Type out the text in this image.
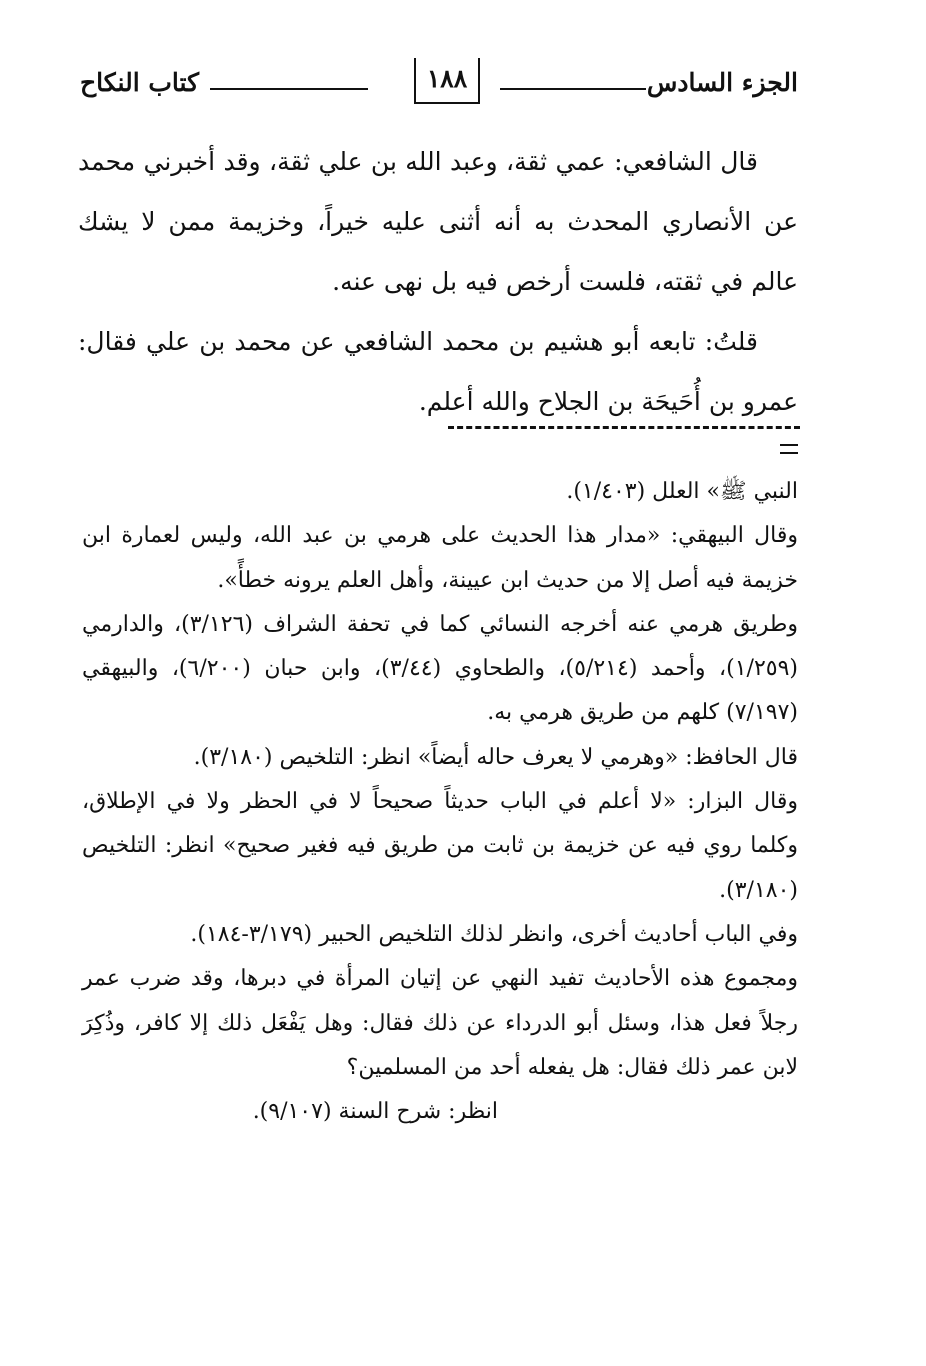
الجزء السادس
١٨٨
كتاب النكاح

قال الشافعي: عمي ثقة، وعبد الله بن علي ثقة، وقد أخبرني محمد عن الأنصاري المحدث به أنه أثنى عليه خيراً، وخزيمة ممن لا يشك عالم في ثقته، فلست أرخص فيه بل نهى عنه.

قلتُ: تابعه أبو هشيم بن محمد الشافعي عن محمد بن علي فقال: عمرو بن أُحَيحَة بن الجلاح والله أعلم.

النبي ﷺ» العلل (١/٤٠٣).

وقال البيهقي: «مدار هذا الحديث على هرمي بن عبد الله، وليس لعمارة ابن خزيمة فيه أصل إلا من حديث ابن عيينة، وأهل العلم يرونه خطأً».

وطريق هرمي عنه أخرجه النسائي كما في تحفة الشراف (٣/١٢٦)، والدارمي (١/٢٥٩)، وأحمد (٥/٢١٤)، والطحاوي (٣/٤٤)، وابن حبان (٦/٢٠٠)، والبيهقي (٧/١٩٧) كلهم من طريق هرمي به.

قال الحافظ: «وهرمي لا يعرف حاله أيضاً» انظر: التلخيص (٣/١٨٠).

وقال البزار: «لا أعلم في الباب حديثاً صحيحاً لا في الحظر ولا في الإطلاق، وكلما روي فيه عن خزيمة بن ثابت من طريق فيه فغير صحيح» انظر: التلخيص (٣/١٨٠).

وفي الباب أحاديث أخرى، وانظر لذلك التلخيص الحبير (٣/١٧٩-١٨٤).

ومجموع هذه الأحاديث تفيد النهي عن إتيان المرأة في دبرها، وقد ضرب عمر رجلاً فعل هذا، وسئل أبو الدرداء عن ذلك فقال: وهل يَفْعَل ذلك إلا كافر، وذُكِرَ لابن عمر ذلك فقال: هل يفعله أحد من المسلمين؟

انظر: شرح السنة (٩/١٠٧).
